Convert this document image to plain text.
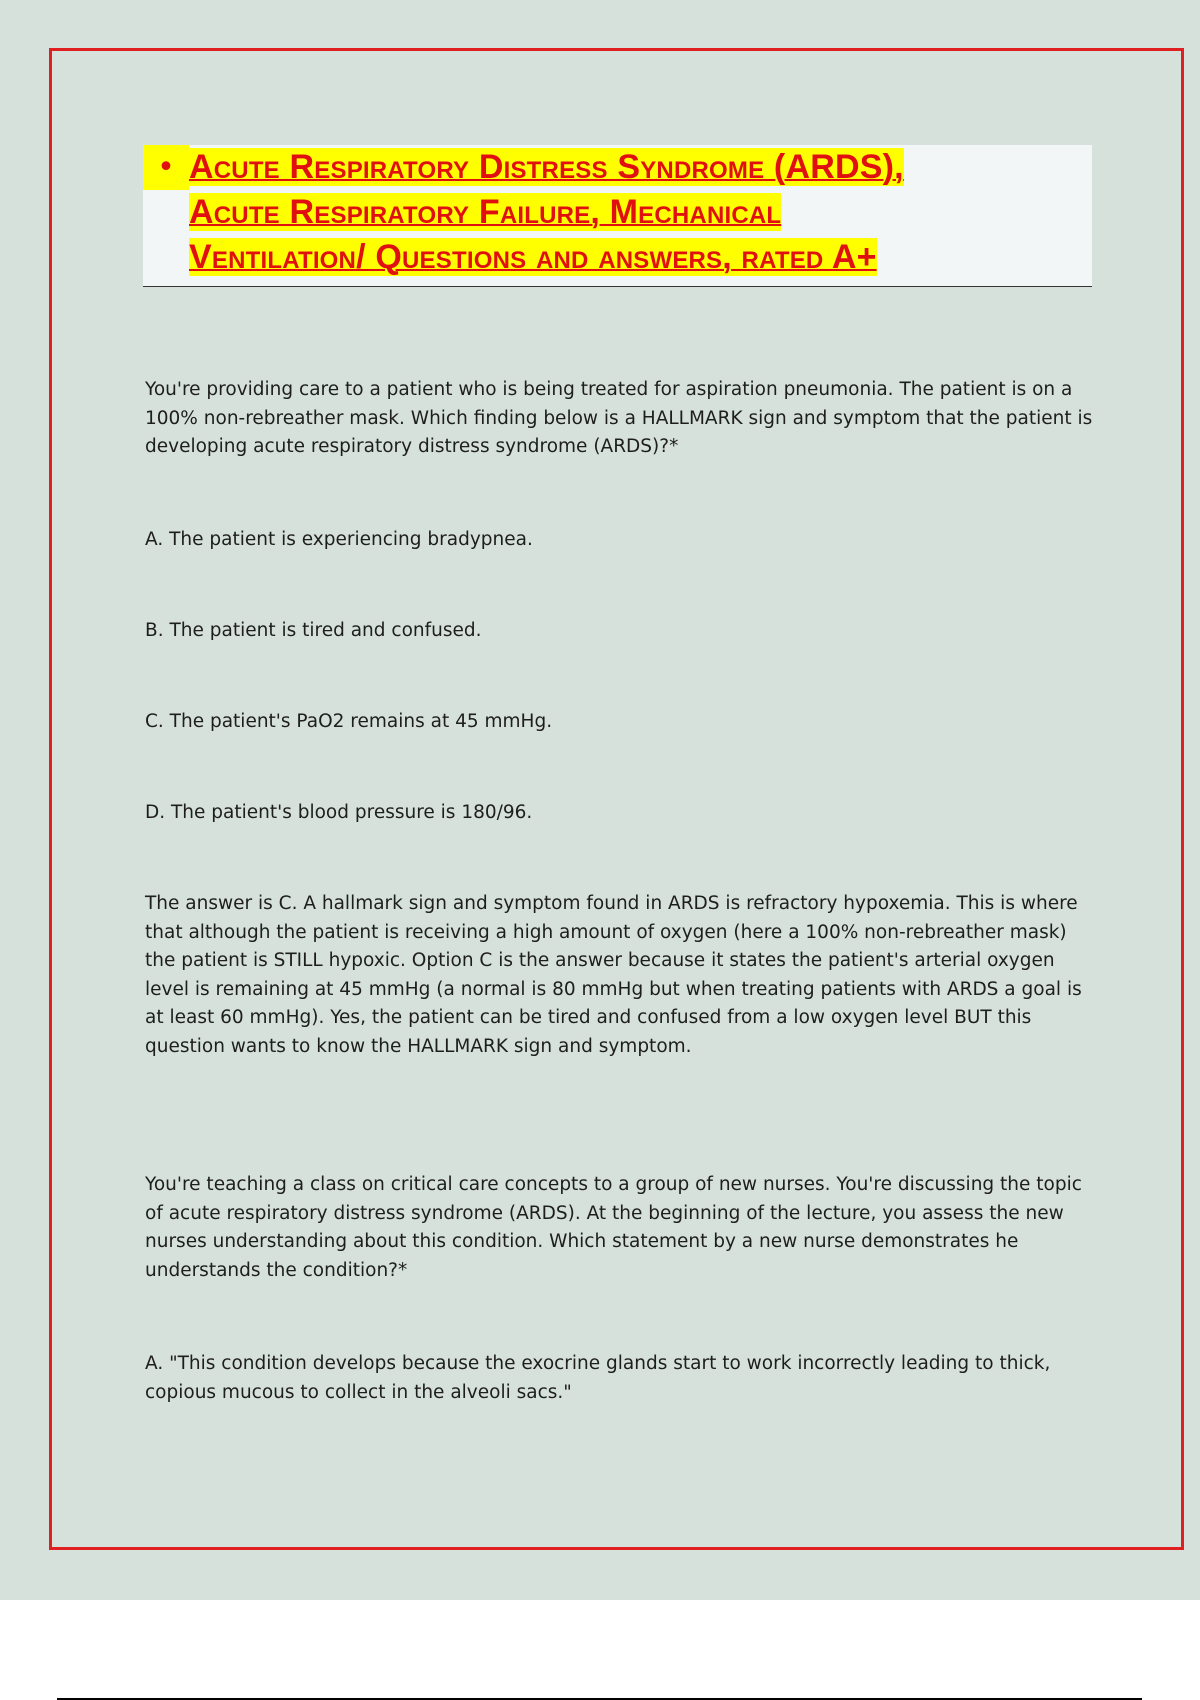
• Acute Respiratory Distress Syndrome (ARDS),
Acute Respiratory Failure, Mechanical
Ventilation/ Questions and answers, rated A+

You're providing care to a patient who is being treated for aspiration pneumonia. The patient is on a 100% non-rebreather mask. Which finding below is a HALLMARK sign and symptom that the patient is developing acute respiratory distress syndrome (ARDS)?*

A. The patient is experiencing bradypnea.

B. The patient is tired and confused.

C. The patient's PaO2 remains at 45 mmHg.

D. The patient's blood pressure is 180/96.

The answer is C. A hallmark sign and symptom found in ARDS is refractory hypoxemia. This is where that although the patient is receiving a high amount of oxygen (here a 100% non-rebreather mask) the patient is STILL hypoxic. Option C is the answer because it states the patient's arterial oxygen level is remaining at 45 mmHg (a normal is 80 mmHg but when treating patients with ARDS a goal is at least 60 mmHg). Yes, the patient can be tired and confused from a low oxygen level BUT this question wants to know the HALLMARK sign and symptom.

You're teaching a class on critical care concepts to a group of new nurses. You're discussing the topic of acute respiratory distress syndrome (ARDS). At the beginning of the lecture, you assess the new nurses understanding about this condition. Which statement by a new nurse demonstrates he understands the condition?*

A. "This condition develops because the exocrine glands start to work incorrectly leading to thick, copious mucous to collect in the alveoli sacs."
